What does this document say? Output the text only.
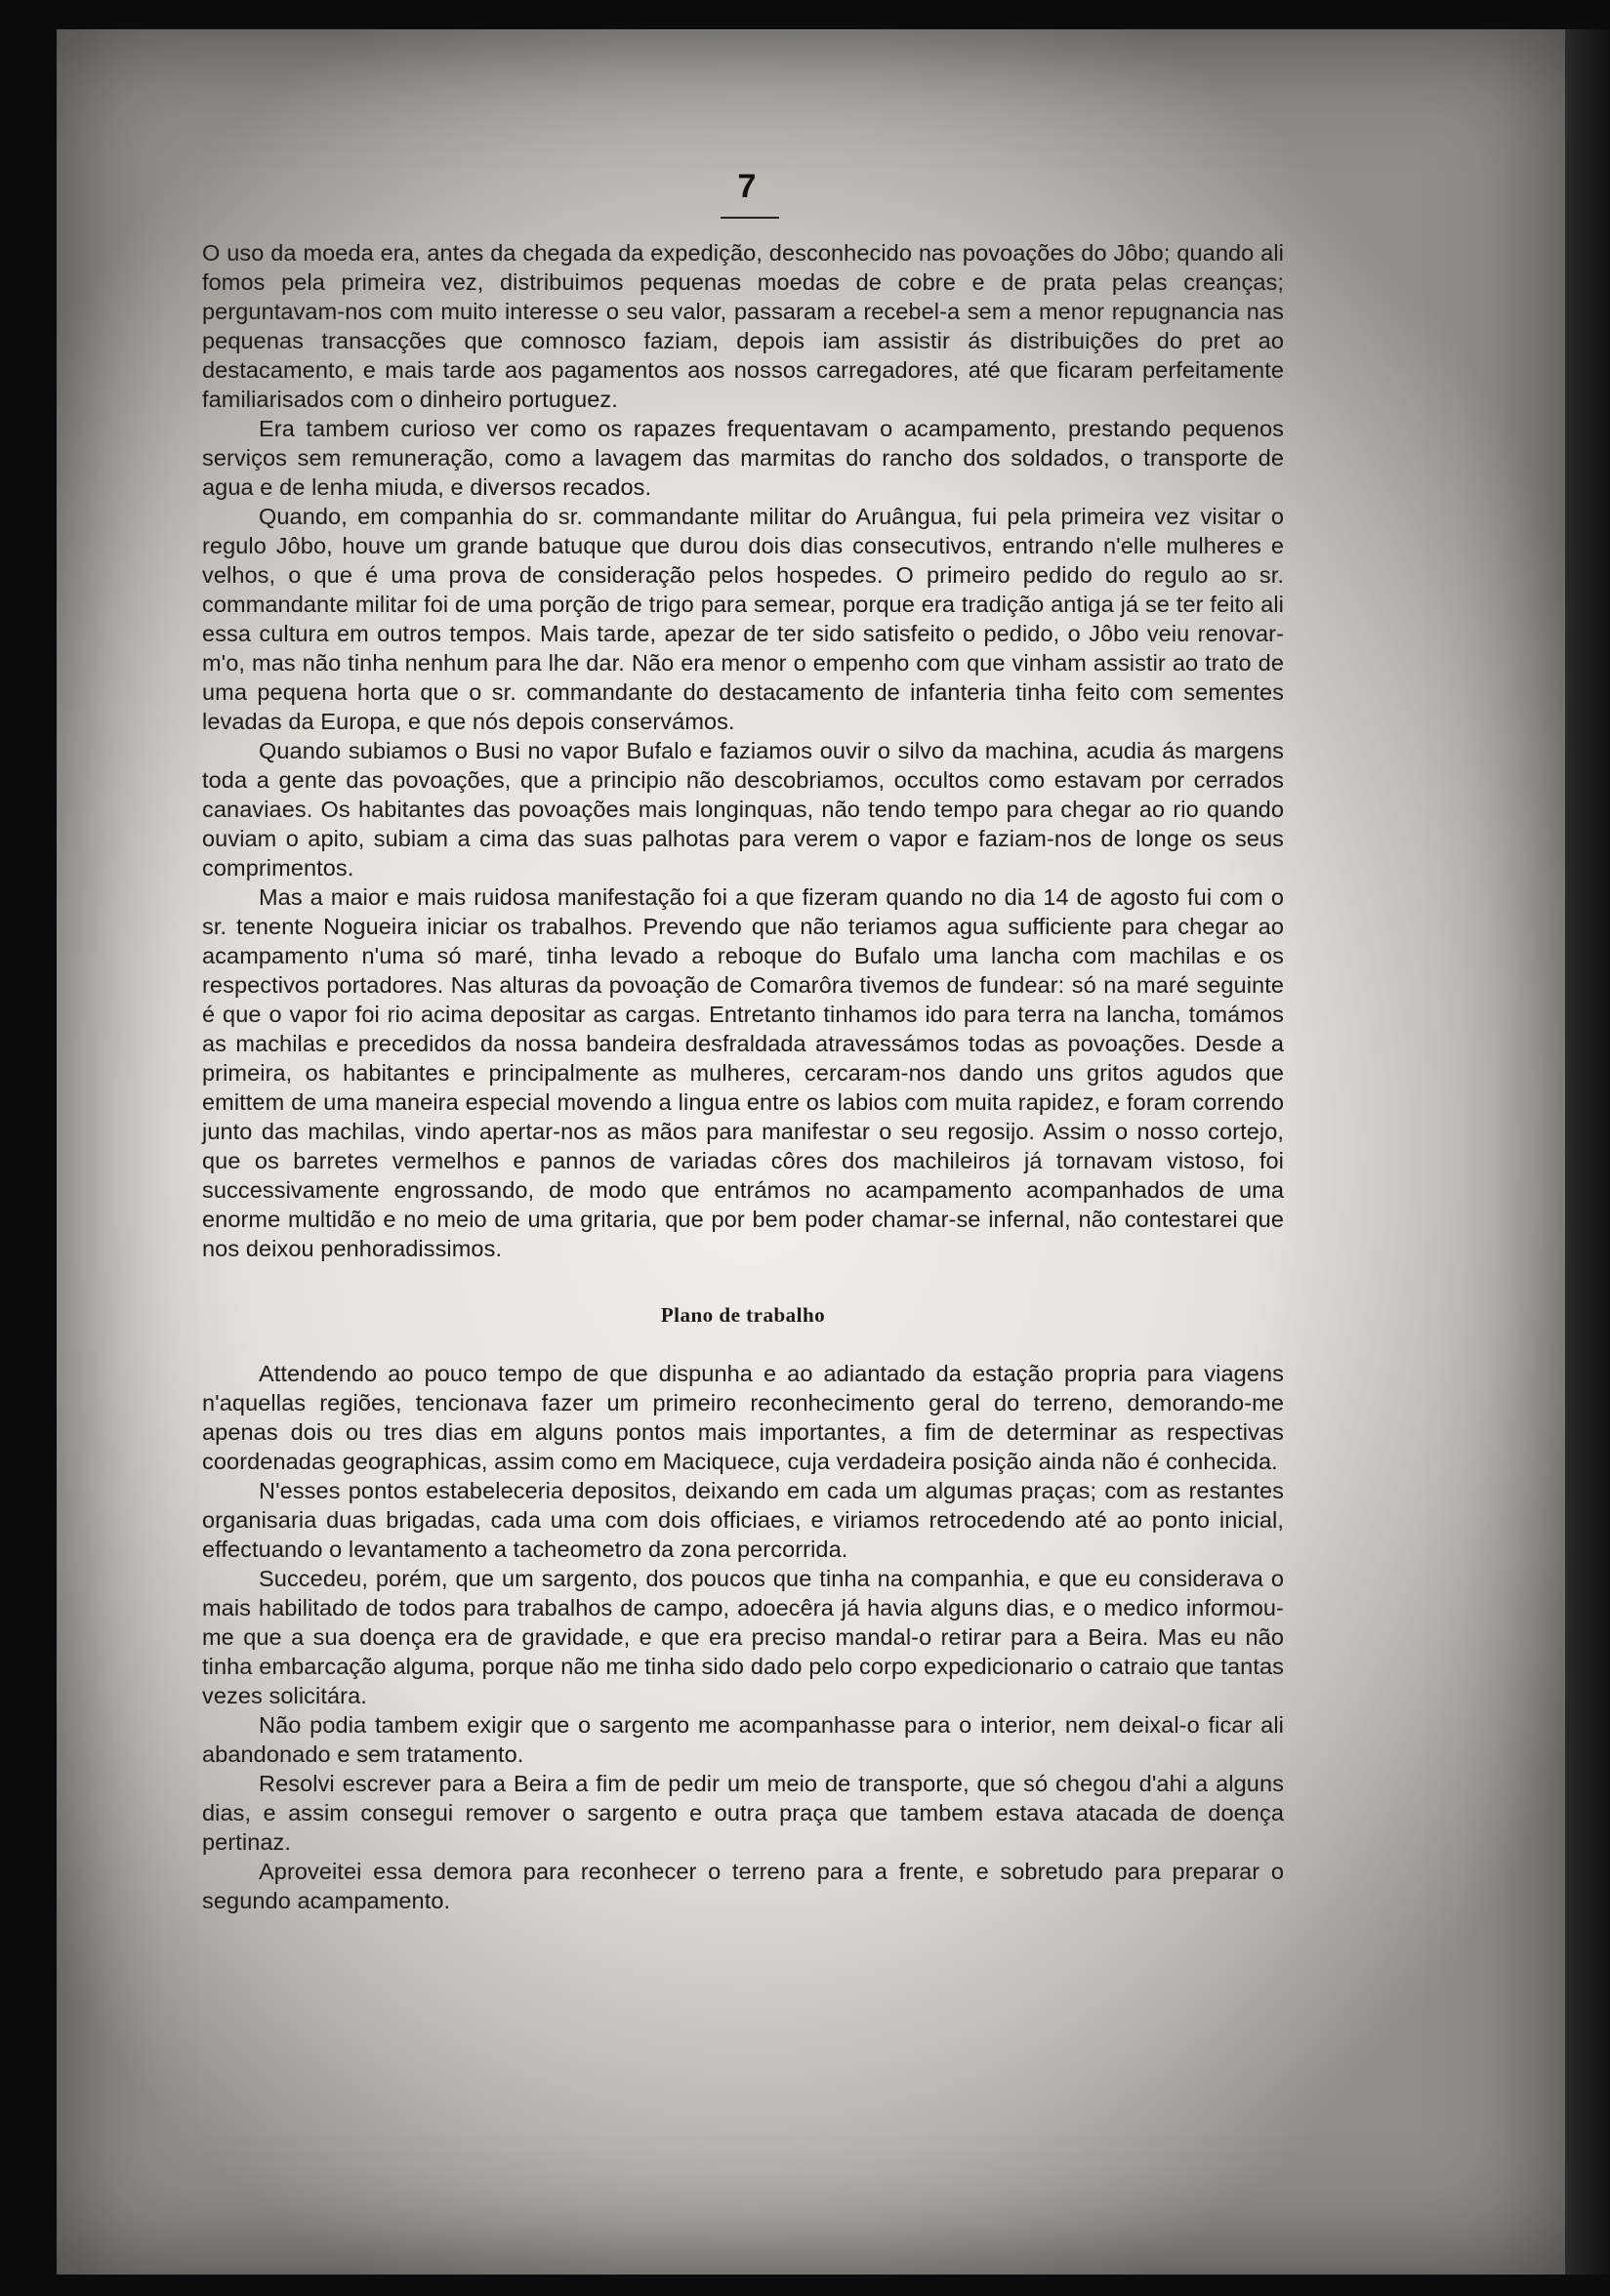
7

O uso da moeda era, antes da chegada da expedição, desconhecido nas povoações do Jôbo; quando ali fomos pela primeira vez, distribuimos pequenas moedas de cobre e de prata pelas creanças; perguntavam-nos com muito interesse o seu valor, passaram a recebel-a sem a menor repugnancia nas pequenas transacções que comnosco faziam, depois iam assistir ás distribuições do pret ao destacamento, e mais tarde aos pagamentos aos nossos carregadores, até que ficaram perfeitamente familiarisados com o dinheiro portuguez.

Era tambem curioso ver como os rapazes frequentavam o acampamento, prestando pequenos serviços sem remuneração, como a lavagem das marmitas do rancho dos soldados, o transporte de agua e de lenha miuda, e diversos recados.

Quando, em companhia do sr. commandante militar do Aruângua, fui pela primeira vez visitar o regulo Jôbo, houve um grande batuque que durou dois dias consecutivos, entrando n'elle mulheres e velhos, o que é uma prova de consideração pelos hospedes. O primeiro pedido do regulo ao sr. commandante militar foi de uma porção de trigo para semear, porque era tradição antiga já se ter feito ali essa cultura em outros tempos. Mais tarde, apezar de ter sido satisfeito o pedido, o Jôbo veiu renovar-m'o, mas não tinha nenhum para lhe dar. Não era menor o empenho com que vinham assistir ao trato de uma pequena horta que o sr. commandante do destacamento de infanteria tinha feito com sementes levadas da Europa, e que nós depois conservámos.

Quando subiamos o Busi no vapor Bufalo e faziamos ouvir o silvo da machina, acudia ás margens toda a gente das povoações, que a principio não descobriamos, occultos como estavam por cerrados canaviaes. Os habitantes das povoações mais longinquas, não tendo tempo para chegar ao rio quando ouviam o apito, subiam a cima das suas palhotas para verem o vapor e faziam-nos de longe os seus comprimentos.

Mas a maior e mais ruidosa manifestação foi a que fizeram quando no dia 14 de agosto fui com o sr. tenente Nogueira iniciar os trabalhos. Prevendo que não teriamos agua sufficiente para chegar ao acampamento n'uma só maré, tinha levado a reboque do Bufalo uma lancha com machilas e os respectivos portadores. Nas alturas da povoação de Comarôra tivemos de fundear: só na maré seguinte é que o vapor foi rio acima depositar as cargas. Entretanto tinhamos ido para terra na lancha, tomámos as machilas e precedidos da nossa bandeira desfraldada atravessámos todas as povoações. Desde a primeira, os habitantes e principalmente as mulheres, cercaram-nos dando uns gritos agudos que emittem de uma maneira especial movendo a lingua entre os labios com muita rapidez, e foram correndo junto das machilas, vindo apertar-nos as mãos para manifestar o seu regosijo. Assim o nosso cortejo, que os barretes vermelhos e pannos de variadas côres dos machileiros já tornavam vistoso, foi successivamente engrossando, de modo que entrámos no acampamento acompanhados de uma enorme multidão e no meio de uma gritaria, que por bem poder chamar-se infernal, não contestarei que nos deixou penhoradissimos.

Plano de trabalho

Attendendo ao pouco tempo de que dispunha e ao adiantado da estação propria para viagens n'aquellas regiões, tencionava fazer um primeiro reconhecimento geral do terreno, demorando-me apenas dois ou tres dias em alguns pontos mais importantes, a fim de determinar as respectivas coordenadas geographicas, assim como em Maciquece, cuja verdadeira posição ainda não é conhecida.

N'esses pontos estabeleceria depositos, deixando em cada um algumas praças; com as restantes organisaria duas brigadas, cada uma com dois officiaes, e viriamos retrocedendo até ao ponto inicial, effectuando o levantamento a tacheometro da zona percorrida.

Succedeu, porém, que um sargento, dos poucos que tinha na companhia, e que eu considerava o mais habilitado de todos para trabalhos de campo, adoecêra já havia alguns dias, e o medico informou-me que a sua doença era de gravidade, e que era preciso mandal-o retirar para a Beira. Mas eu não tinha embarcação alguma, porque não me tinha sido dado pelo corpo expedicionario o catraio que tantas vezes solicitára.

Não podia tambem exigir que o sargento me acompanhasse para o interior, nem deixal-o ficar ali abandonado e sem tratamento.

Resolvi escrever para a Beira a fim de pedir um meio de transporte, que só chegou d'ahi a alguns dias, e assim consegui remover o sargento e outra praça que tambem estava atacada de doença pertinaz.

Aproveitei essa demora para reconhecer o terreno para a frente, e sobretudo para preparar o segundo acampamento.
